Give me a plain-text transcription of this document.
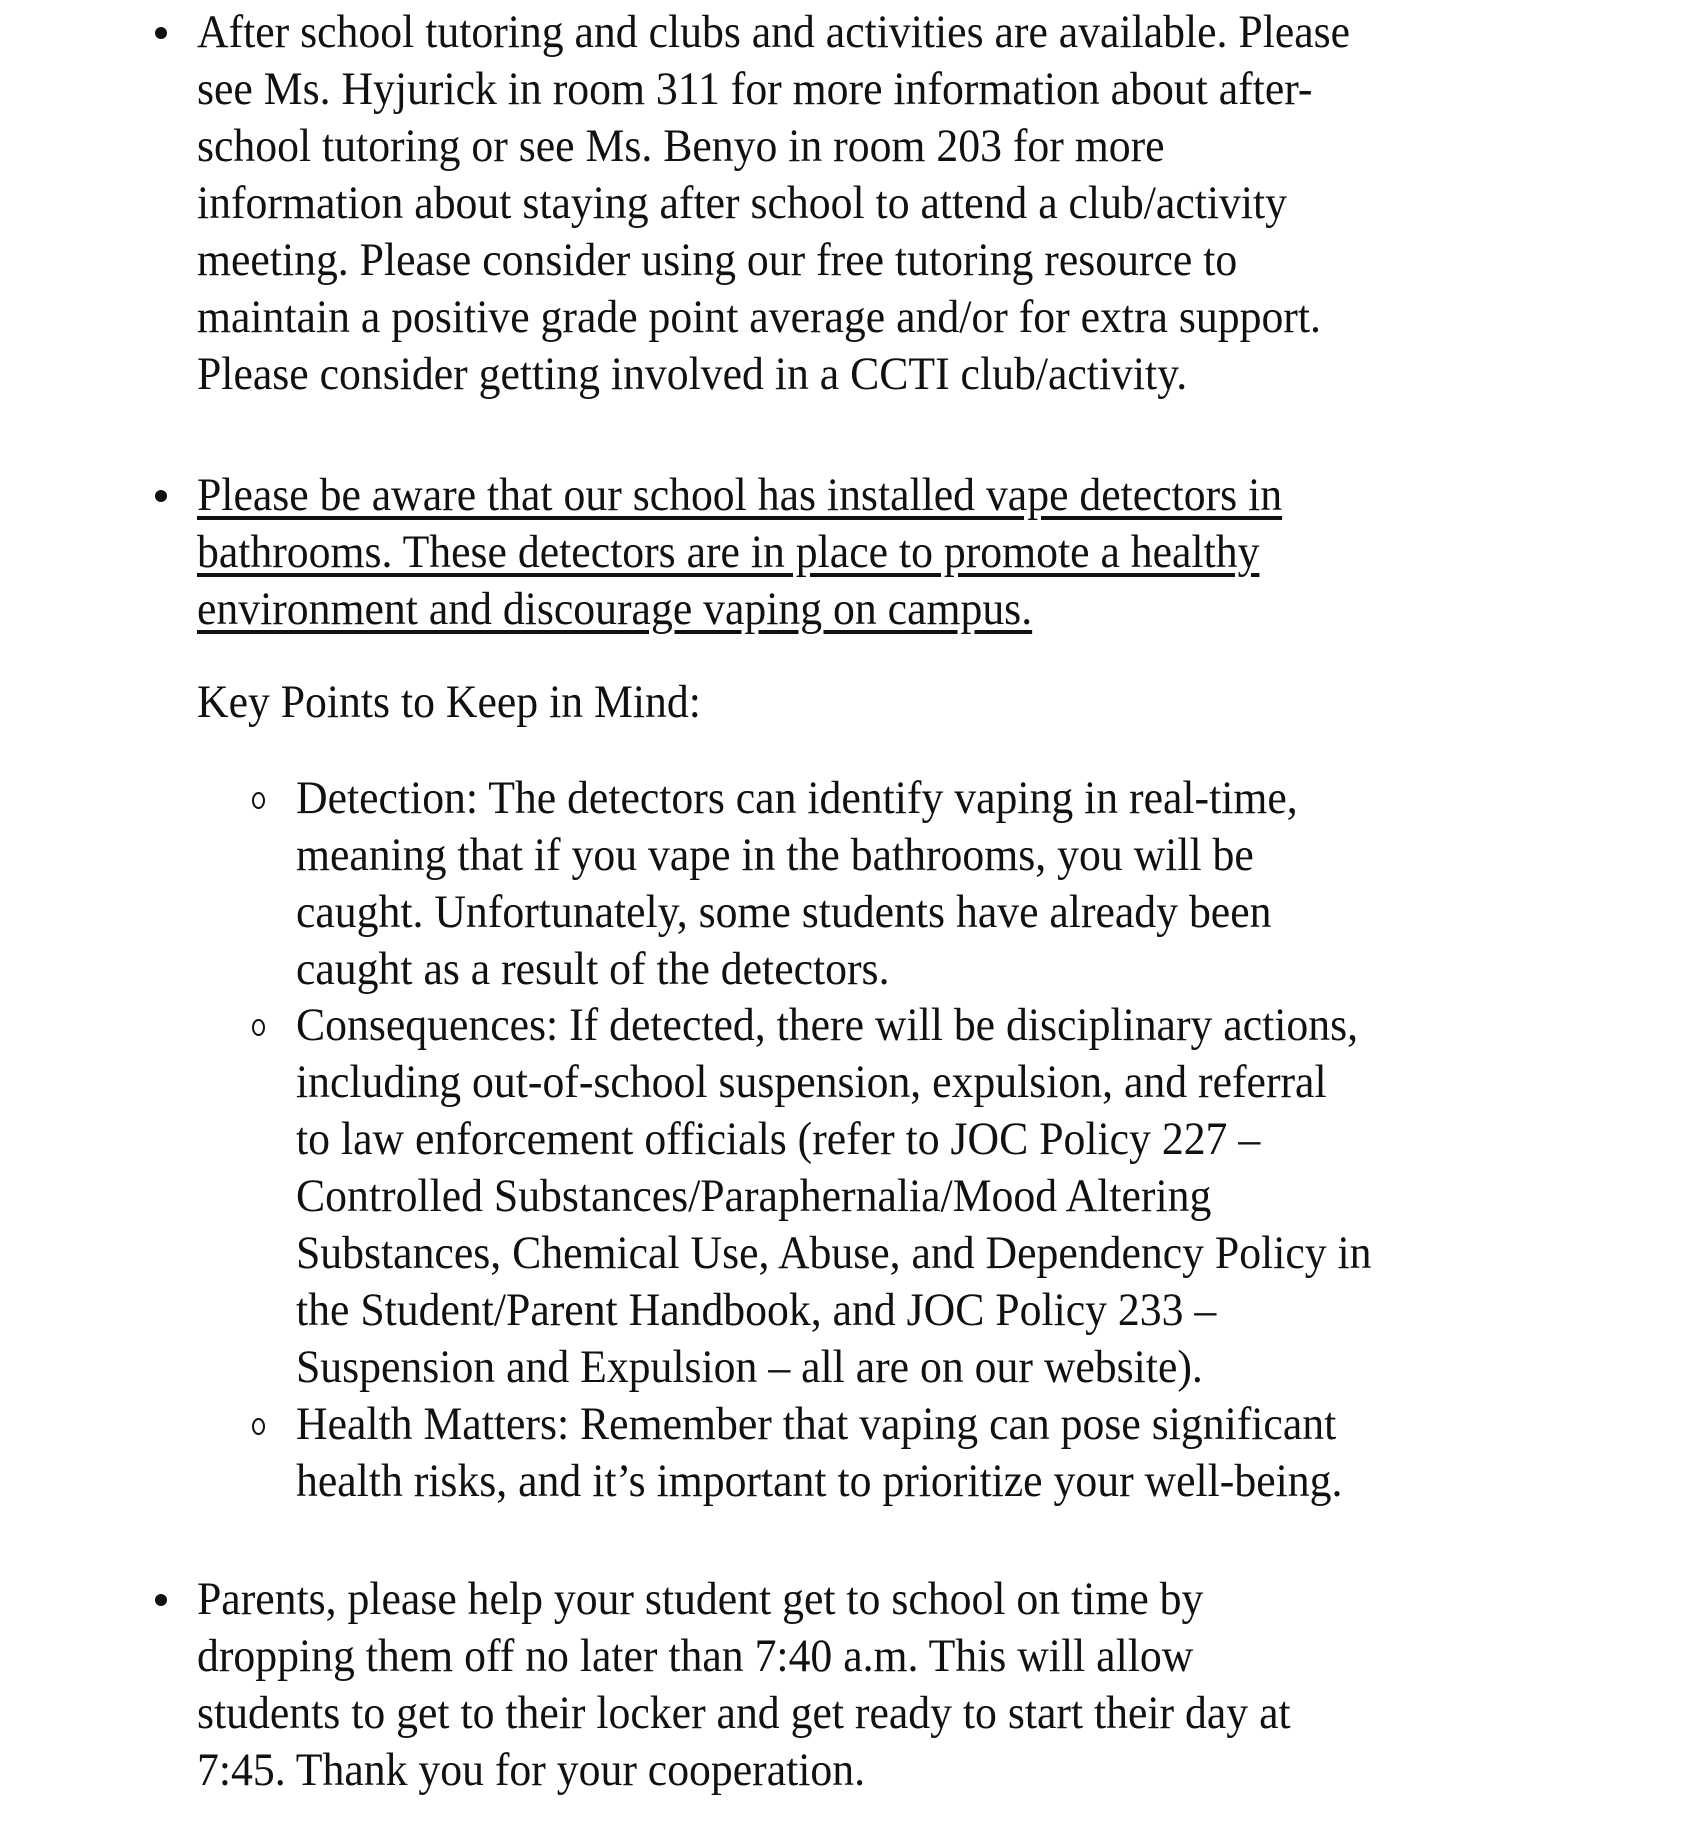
After school tutoring and clubs and activities are available. Please
see Ms. Hyjurick in room 311 for more information about after-
school tutoring or see Ms. Benyo in room 203 for more
information about staying after school to attend a club/activity
meeting. Please consider using our free tutoring resource to
maintain a positive grade point average and/or for extra support.
Please consider getting involved in a CCTI club/activity.
Please be aware that our school has installed vape detectors in
bathrooms. These detectors are in place to promote a healthy
environment and discourage vaping on campus.
Key Points to Keep in Mind:
Detection: The detectors can identify vaping in real-time,
meaning that if you vape in the bathrooms, you will be
caught. Unfortunately, some students have already been
caught as a result of the detectors.
Consequences: If detected, there will be disciplinary actions,
including out-of-school suspension, expulsion, and referral
to law enforcement officials (refer to JOC Policy 227 –
Controlled Substances/Paraphernalia/Mood Altering
Substances, Chemical Use, Abuse, and Dependency Policy in
the Student/Parent Handbook, and JOC Policy 233 –
Suspension and Expulsion – all are on our website).
Health Matters: Remember that vaping can pose significant
health risks, and it’s important to prioritize your well-being.
Parents, please help your student get to school on time by
dropping them off no later than 7:40 a.m. This will allow
students to get to their locker and get ready to start their day at
7:45. Thank you for your cooperation.
